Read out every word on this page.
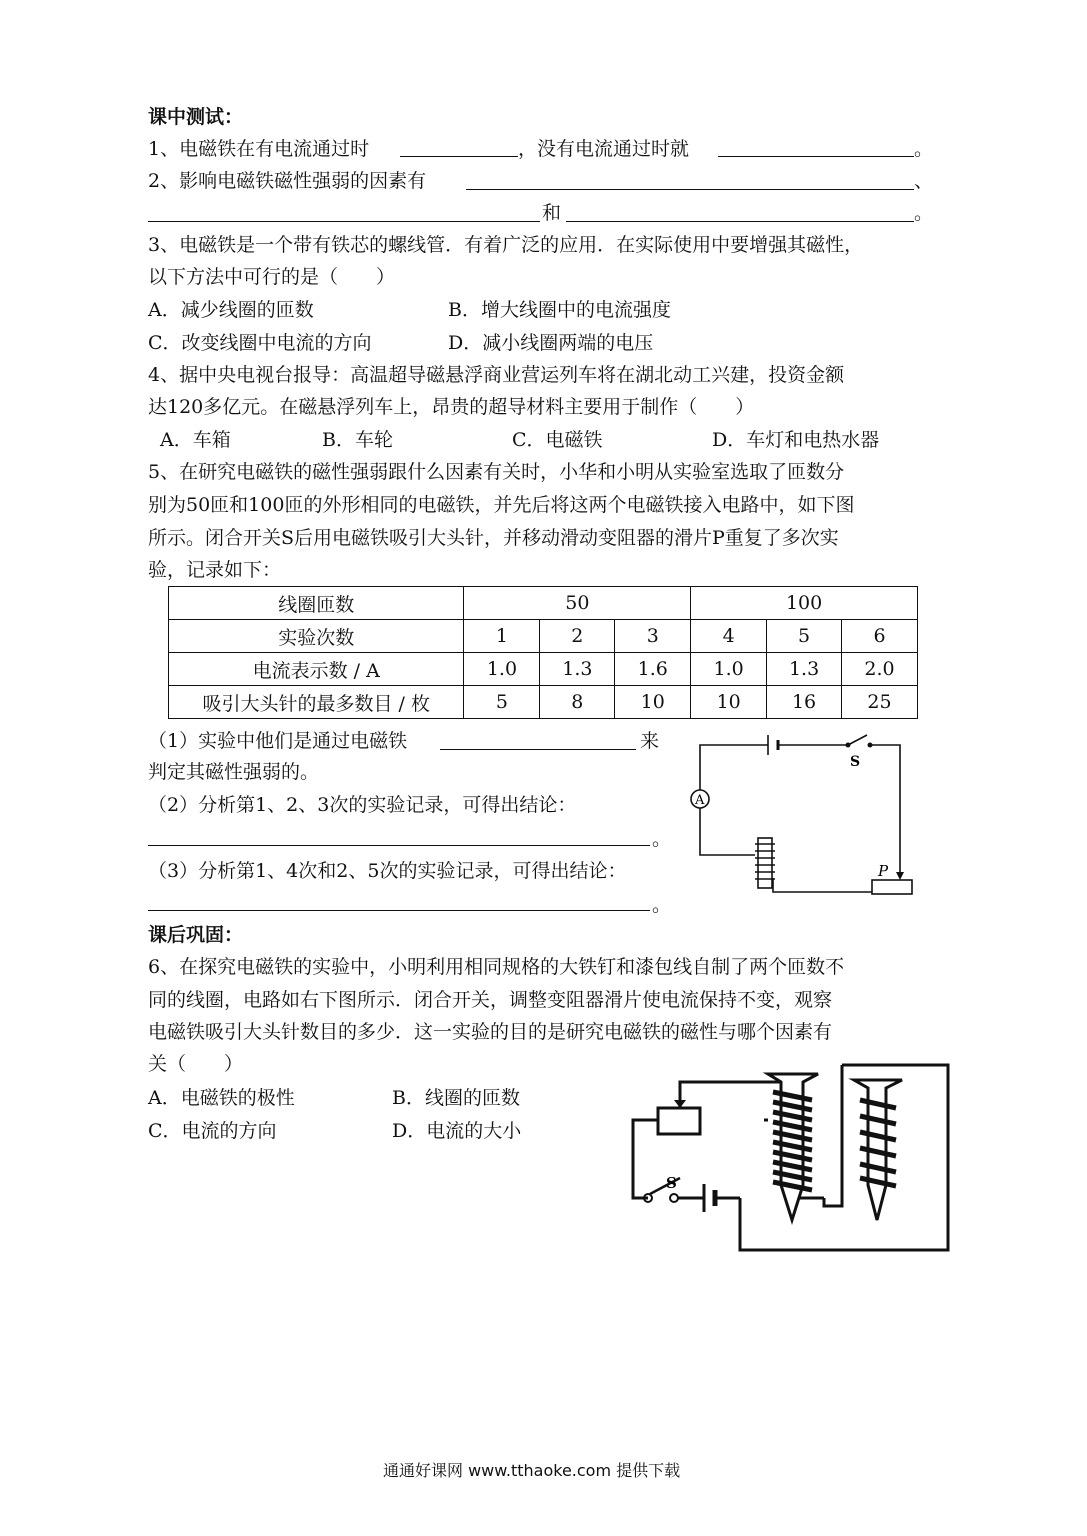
课中测试：
1、电磁铁在有电流通过时	，没有电流通过时就	。
2、影响电磁铁磁性强弱的因素有	、
和	。
3、电磁铁是一个带有铁芯的螺线管．有着广泛的应用．在实际使用中要增强其磁性，
以下方法中可行的是（　　）
A．减少线圈的匝数	B．增大线圈中的电流强度
C．改变线圈中电流的方向	D．减小线圈两端的电压
4、据中央电视台报导：高温超导磁悬浮商业营运列车将在湖北动工兴建，投资金额
达120多亿元。在磁悬浮列车上，昂贵的超导材料主要用于制作（　　）
A．车箱	B．车轮	C．电磁铁	D．车灯和电热水器
5、在研究电磁铁的磁性强弱跟什么因素有关时，小华和小明从实验室选取了匝数分
别为50匝和100匝的外形相同的电磁铁，并先后将这两个电磁铁接入电路中，如下图
所示。闭合开关S后用电磁铁吸引大头针，并移动滑动变阻器的滑片P重复了多次实
验，记录如下：
线圈匝数	50			100		
实验次数	1	2	3	4	5	6
电流表示数 / A	1.0	1.3	1.6	1.0	1.3	2.0
吸引大头针的最多数目 / 枚	5	8	10	10	16	25
（1）实验中他们是通过电磁铁	来
判定其磁性强弱的。
（2）分析第1、2、3次的实验记录，可得出结论：
。
（3）分析第1、4次和2、5次的实验记录，可得出结论：
。
S
A
P
课后巩固：
6、在探究电磁铁的实验中，小明利用相同规格的大铁钉和漆包线自制了两个匝数不
同的线圈，电路如右下图所示．闭合开关，调整变阻器滑片使电流保持不变，观察
电磁铁吸引大头针数目的多少．这一实验的目的是研究电磁铁的磁性与哪个因素有
关（　　）
A．电磁铁的极性	B．线圈的匝数
C．电流的方向	D．电流的大小
S
通通好课网 www.tthaoke.com 提供下载
